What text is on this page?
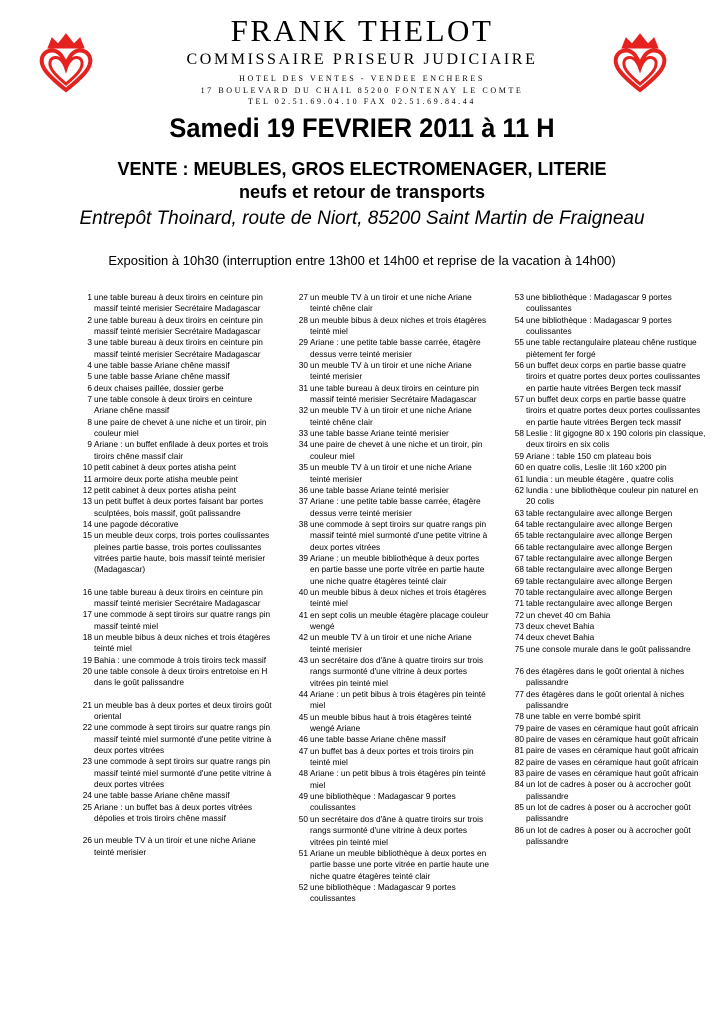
FRANK THELOT
COMMISSAIRE PRISEUR JUDICIAIRE
HOTEL DES VENTES - VENDEE ENCHERES
17 BOULEVARD DU CHAIL 85200 FONTENAY LE COMTE
TEL 02.51.69.04.10 FAX 02.51.69.84.44
Samedi 19 FEVRIER 2011 à 11 H
VENTE : MEUBLES, GROS ELECTROMENAGER, LITERIE
neufs et retour de transports
Entrepôt Thoinard, route de Niort, 85200 Saint Martin de Fraigneau
Exposition à 10h30 (interruption entre 13h00 et 14h00 et reprise de la vacation à 14h00)
1 une table bureau à deux tiroirs en ceinture pin massif teinté merisier Secrétaire Madagascar
2 une table bureau à deux tiroirs en ceinture pin massif teinté merisier Secrétaire Madagascar
3 une table bureau à deux tiroirs en ceinture pin massif teinté merisier Secrétaire Madagascar
4 une table basse Ariane chêne massif
5 une table basse Ariane chêne massif
6 deux chaises paillée, dossier gerbe
7 une table console à deux tiroirs en ceinture Ariane chêne massif
8 une paire de chevet à une niche et un tiroir, pin couleur miel
9 Ariane : un buffet enfilade à deux portes et trois tiroirs chêne massif clair
10 petit cabinet à deux portes atisha peint
11 armoire deux porte atisha meuble peint
12 petit cabinet à deux portes atisha peint
13 un petit buffet à deux portes faisant bar portes sculptées, bois massif, goût palissandre
14 une pagode décorative
15 un meuble deux corps, trois portes coulissantes pleines partie basse, trois portes coulissantes vitrées partie haute, bois massif teinté merisier (Madagascar)
16 une table bureau à deux tiroirs en ceinture pin massif teinté merisier Secrétaire Madagascar
17 une commode à sept tiroirs sur quatre rangs pin massif teinté miel
18 un meuble bibus à deux niches et trois étagères teinté miel
19 Bahia : une commode à trois tiroirs teck massif
20 une table console à deux tiroirs entretoise en H dans le goût palissandre
21 un meuble bas à deux portes et deux tiroirs goût oriental
22 une commode à sept tiroirs sur quatre rangs pin massif teinté miel surmonté d'une petite vitrine à deux portes vitrées
23 une commode à sept tiroirs sur quatre rangs pin massif teinté miel surmonté d'une petite vitrine à deux portes vitrées
24 une table basse Ariane chêne massif
25 Ariane : un buffet bas à deux portes vitrées dépolies et trois tiroirs chêne massif
26 un meuble TV à un tiroir et une niche Ariane teinté merisier
27 un meuble TV à un tiroir et une niche Ariane teinté chêne clair
28 un meuble bibus à deux niches et trois étagères teinté miel
29 Ariane : une petite table basse carrée, étagère dessus verre teinté merisier
30 un meuble TV à un tiroir et une niche Ariane teinté merisier
31 une table bureau à deux tiroirs en ceinture pin massif teinté merisier Secrétaire Madagascar
32 un meuble TV à un tiroir et une niche Ariane teinté chêne clair
33 une table basse Ariane teinté merisier
34 une paire de chevet à une niche et un tiroir, pin couleur miel
35 un meuble TV à un tiroir et une niche Ariane teinté merisier
36 une table basse Ariane teinté merisier
37 Ariane : une petite table basse carrée, étagère dessus verre teinté merisier
38 une commode à sept tiroirs sur quatre rangs pin massif teinté miel surmonté d'une petite vitrine à deux portes vitrées
39 Ariane : un meuble bibliothèque à deux portes en partie basse une porte vitrée en partie haute une niche quatre étagères teinté clair
40 un meuble bibus à deux niches et trois étagères teinté miel
41 en sept colis un meuble étagère placage couleur wengé
42 un meuble TV à un tiroir et une niche Ariane teinté merisier
43 un secrétaire dos d'âne à quatre tiroirs sur trois rangs surmonté d'une vitrine à deux portes vitrées pin teinté miel
44 Ariane : un petit bibus à trois étagères pin teinté miel
45 un meuble bibus haut à trois étagères teinté wengé Ariane
46 une table basse Ariane chêne massif
47 un buffet bas à deux portes et trois tiroirs pin teinté miel
48 Ariane : un petit bibus à trois étagères pin teinté miel
49 une bibliothèque : Madagascar 9 portes coulissantes
50 un secrétaire dos d'âne à quatre tiroirs sur trois rangs surmonté d'une vitrine à deux portes vitrées pin teinté miel
51 Ariane un meuble bibliothèque à deux portes en partie basse une porte vitrée en partie haute une niche quatre étagères teinté clair
52 une bibliothèque : Madagascar 9 portes coulissantes
53 une bibliothèque : Madagascar 9 portes coulissantes
54 une bibliothèque : Madagascar 9 portes coulissantes
55 une table rectangulaire plateau chêne rustique piètement fer forgé
56 un buffet deux corps en partie basse quatre tiroirs et quatre portes deux portes coulissantes en partie haute vitrées Bergen teck massif
57 un buffet deux corps en partie basse quatre tiroirs et quatre portes deux portes coulissantes en partie haute vitrées Bergen teck massif
58 Leslie : lit gigogne 80 x 190 coloris pin classique, deux tiroirs en six colis
59 Ariane : table 150 cm plateau bois
60 en quatre colis, Leslie :lit 160 x200 pin
61 lundia : un meuble étagère , quatre colis
62 lundia : une bibliothèque couleur pin naturel en 20 colis
63 table rectangulaire avec allonge Bergen
64 table rectangulaire avec allonge Bergen
65 table rectangulaire avec allonge Bergen
66 table rectangulaire avec allonge Bergen
67 table rectangulaire avec allonge Bergen
68 table rectangulaire avec allonge Bergen
69 table rectangulaire avec allonge Bergen
70 table rectangulaire avec allonge Bergen
71 table rectangulaire avec allonge Bergen
72 un chevet 40 cm Bahia
73 deux chevet Bahia
74 deux chevet Bahia
75 une console murale dans le goût palissandre
76 des étagères dans le goût oriental à niches palissandre
77 des étagères dans le goût oriental à niches palissandre
78 une table en verre bombé spirit
79 paire de vases en céramique haut goût africain
80 paire de vases en céramique haut goût africain
81 paire de vases en céramique haut goût africain
82 paire de vases en céramique haut goût africain
83 paire de vases en céramique haut goût africain
84 un lot de cadres à poser ou à accrocher goût palissandre
85 un lot de cadres à poser ou à accrocher goût palissandre
86 un lot de cadres à poser ou à accrocher goût palissandre
